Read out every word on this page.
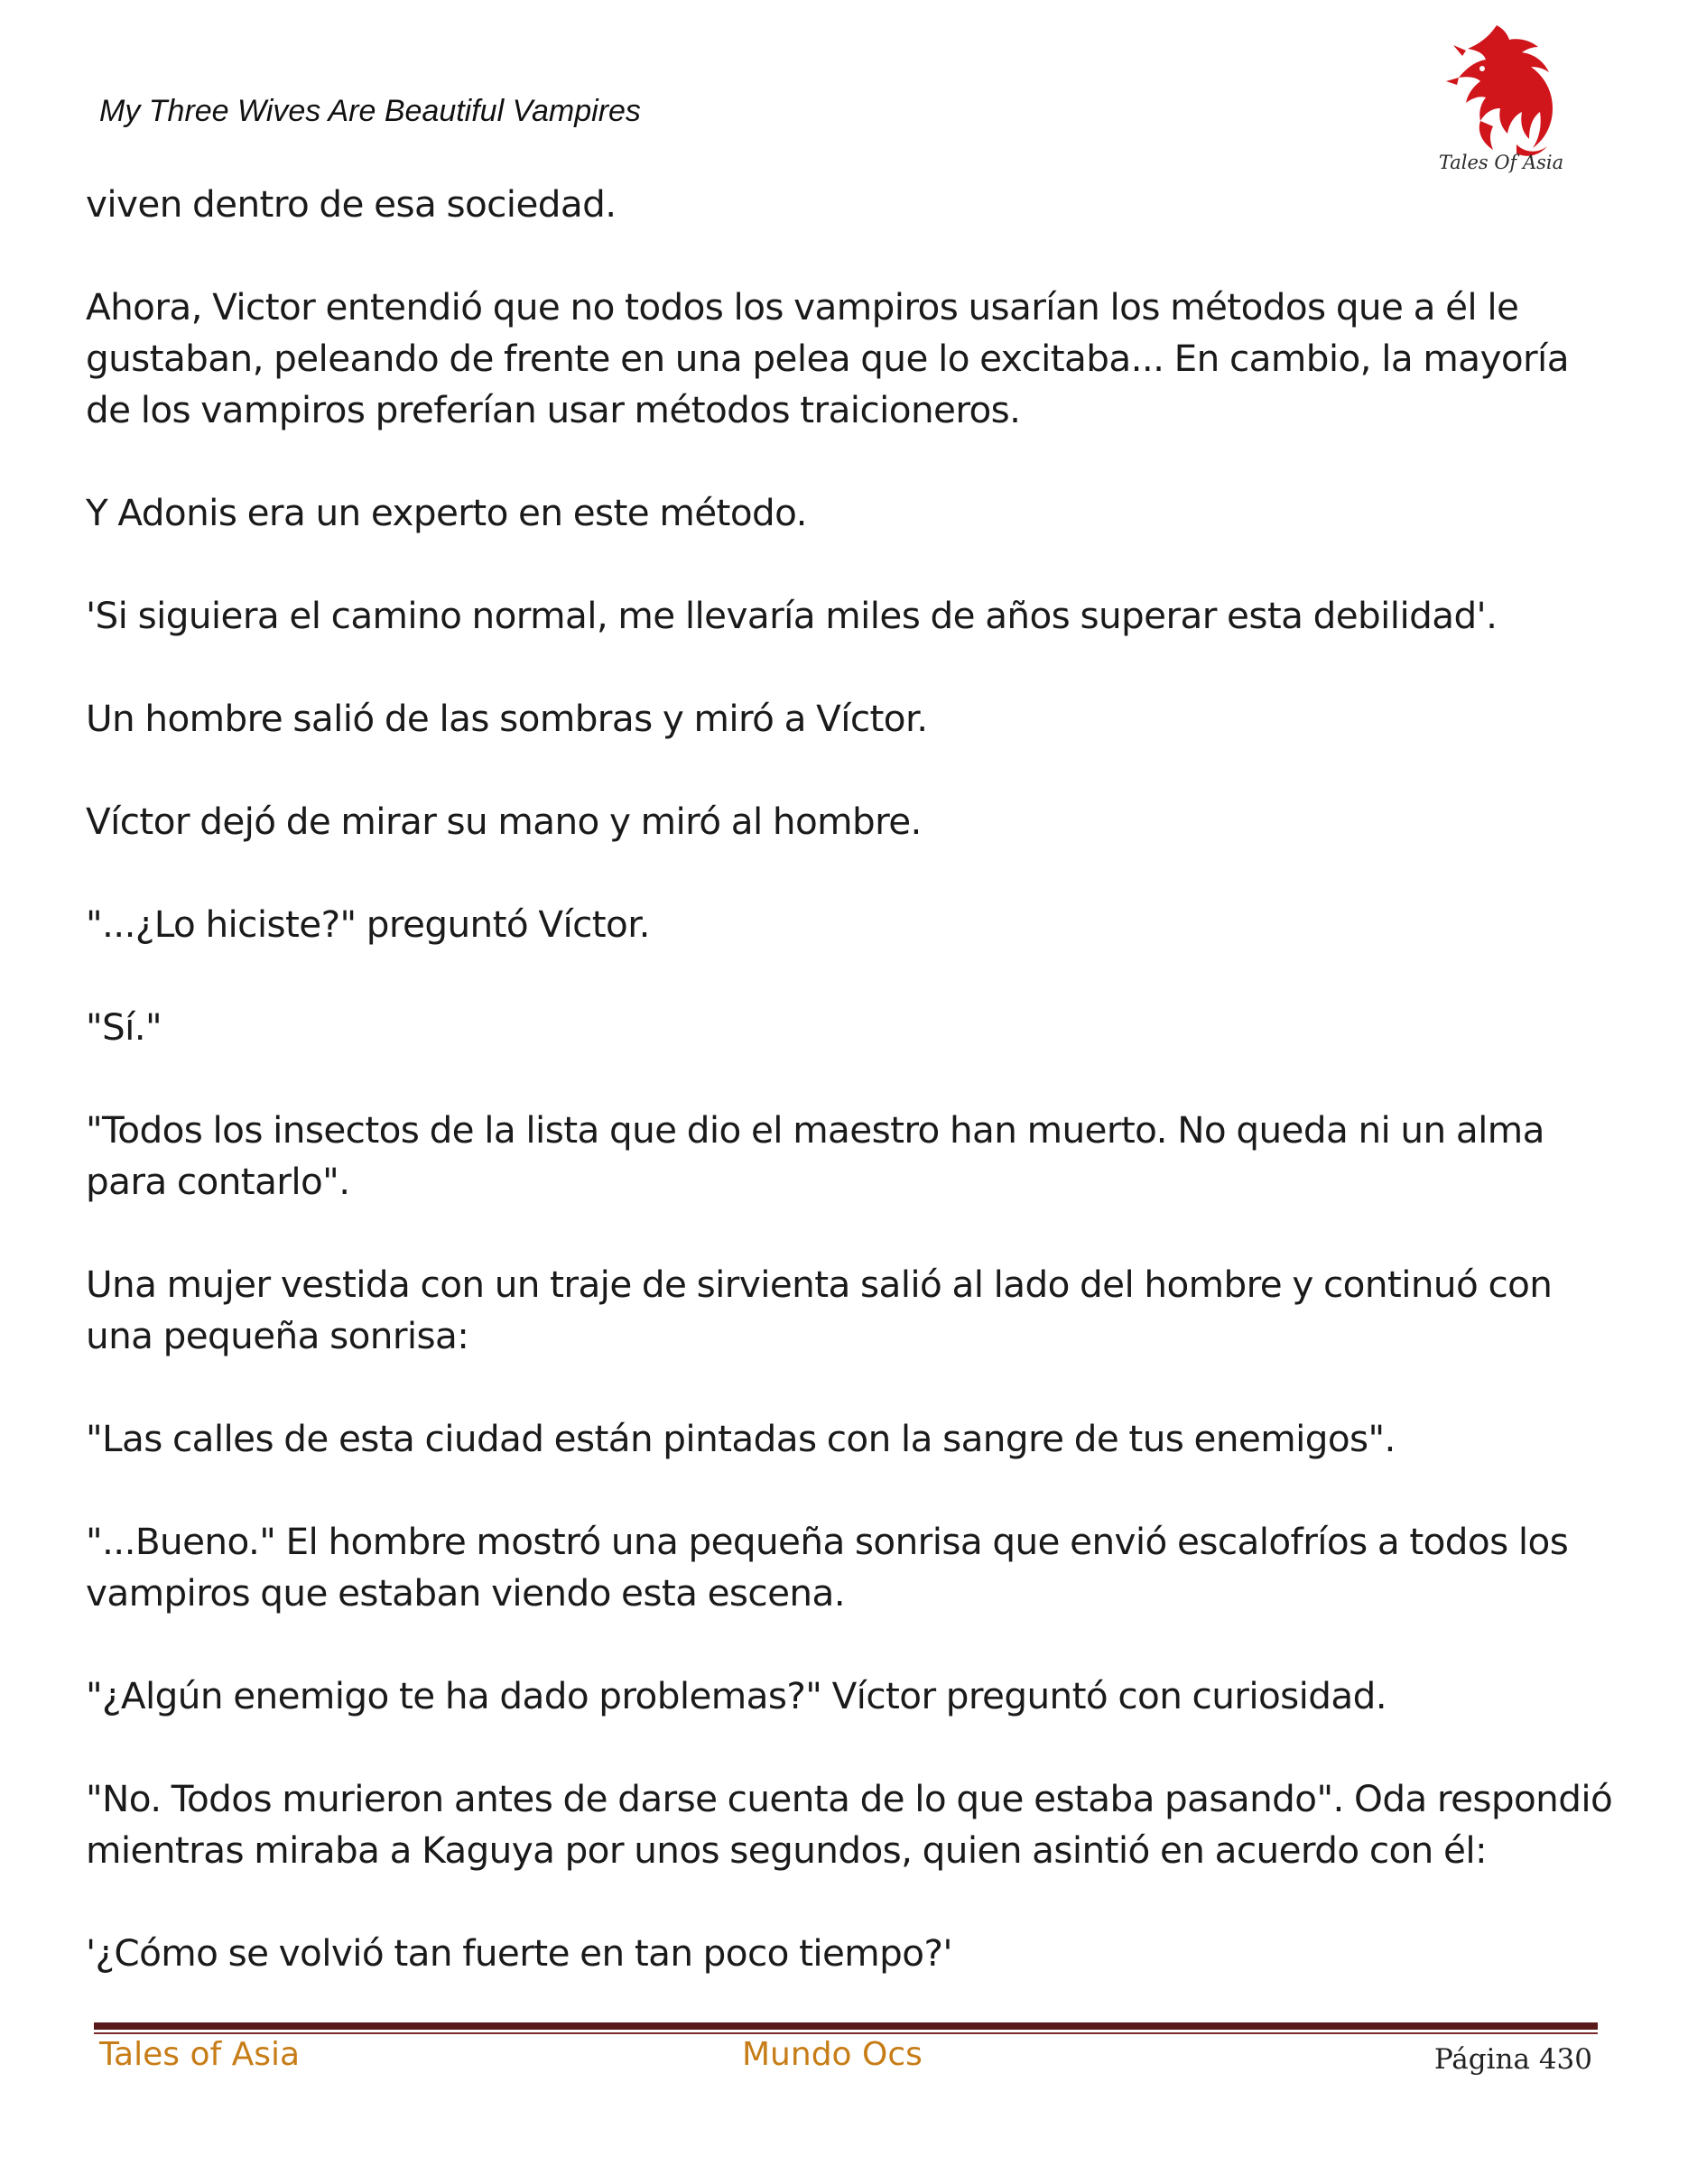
My Three Wives Are Beautiful Vampires
Tales Of Asia

viven dentro de esa sociedad.

Ahora, Victor entendió que no todos los vampiros usarían los métodos que a él le gustaban, peleando de frente en una pelea que lo excitaba... En cambio, la mayoría de los vampiros preferían usar métodos traicioneros.

Y Adonis era un experto en este método.

'Si siguiera el camino normal, me llevaría miles de años superar esta debilidad'.

Un hombre salió de las sombras y miró a Víctor.

Víctor dejó de mirar su mano y miró al hombre.

"...¿Lo hiciste?" preguntó Víctor.

"Sí."

"Todos los insectos de la lista que dio el maestro han muerto. No queda ni un alma para contarlo".

Una mujer vestida con un traje de sirvienta salió al lado del hombre y continuó con una pequeña sonrisa:

"Las calles de esta ciudad están pintadas con la sangre de tus enemigos".

"...Bueno." El hombre mostró una pequeña sonrisa que envió escalofríos a todos los vampiros que estaban viendo esta escena.

"¿Algún enemigo te ha dado problemas?" Víctor preguntó con curiosidad.

"No. Todos murieron antes de darse cuenta de lo que estaba pasando". Oda respondió mientras miraba a Kaguya por unos segundos, quien asintió en acuerdo con él:

'¿Cómo se volvió tan fuerte en tan poco tiempo?'

Tales of Asia	Mundo Ocs	Página 430
